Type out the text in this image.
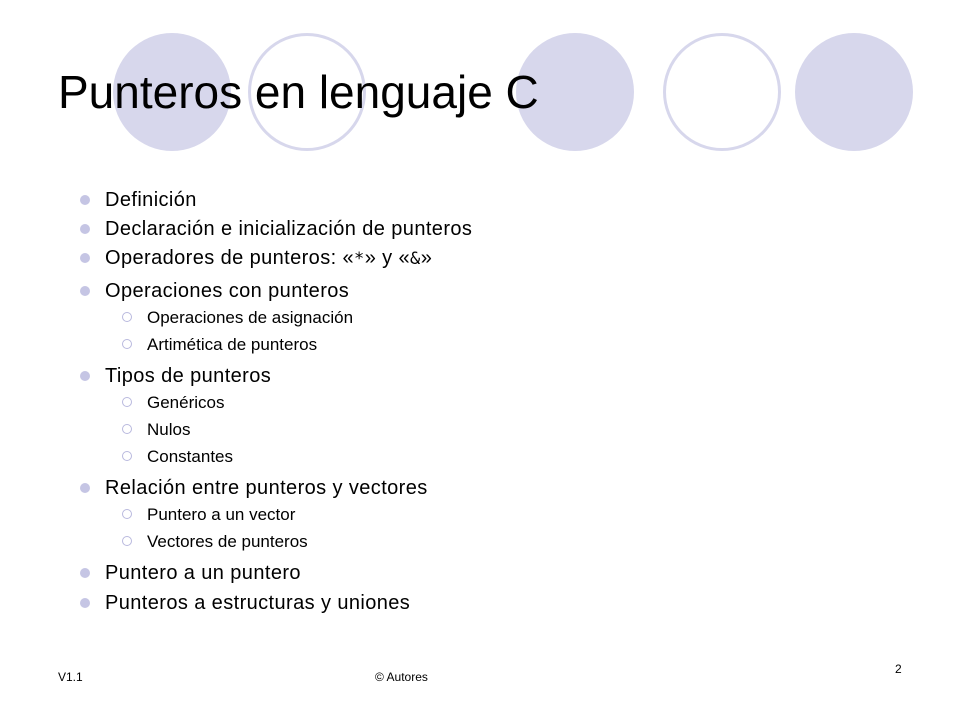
Punteros en lenguaje C
Definición
Declaración e inicialización de punteros
Operadores de punteros: «*» y «&»
Operaciones con punteros
Operaciones de asignación
Artimética de punteros
Tipos de punteros
Genéricos
Nulos
Constantes
Relación entre punteros y vectores
Puntero a un vector
Vectores de punteros
Puntero a un puntero
Punteros a estructuras y uniones
V1.1	© Autores
2
